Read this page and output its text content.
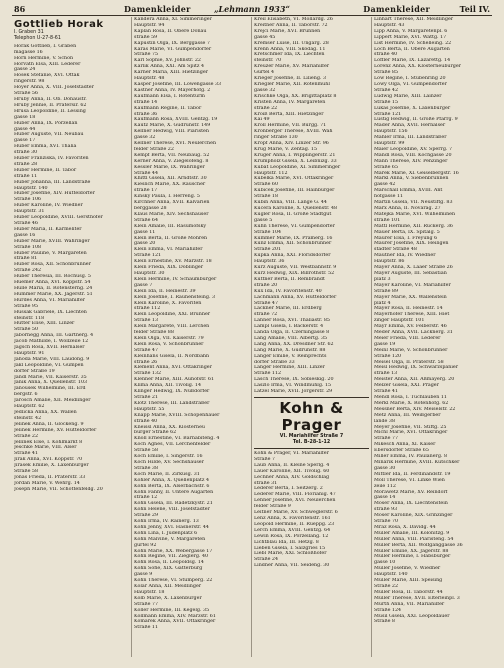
86	Damenkleider	„Lehmann 1933“	Damenkleider	Teil IV.
Gottlieb Horak
I. Graben 31
Telephon U-27-8-61
Horak Gottlieb, I. Graben
magasse 16
Horn Hermine, V. Schön
Horvath Elsa, XIII. Lederer
gasse 24
Hosek Stefanie, XVI. Ottak
ringerstr. 98
Hoyer Anna, X. VIII. Josefstädter
Straße 56
Hruby Anna, II. Ob. Donaustr.
Hruby Jennie, II. Pratersir. 62
Hrusa Leopoldine, II. Lessing
gasse 18
Huber Anna, IX. Porzellan
gasse 44
Huber Auguste, VII. Neubau
gasse 17
Huber Emma, XVI. Thalia
straße 30
Huber Franziska, IV. Favoriten
straße 28
Huber Hermine, II. Tabor
straße 11
Huber Johanna, III. Landstraße
Hauptstr. 140
Huber Josefine, XIV. Hütteldorfer
Straße 106
Huber Karoline, IV. Wiedner
Hauptstr. 31
Huber Leopoldine, XVIII. Gersthofer
Straße 46
Huber Maria, II. Karmeliter
gasse 16
Huber Marie, XVIII. Währinger
Straße 108
Huber Pauline, V. Margareten
straße 81
Huber Rosa, XII. Schönbrunner
Straße 242
Huber Theresia, III. Rochusg. 5
Huemer Anna, XVI. Koppstr. 54
Hülle Maria, II. Rotensterng. 24
Hummer Marie, XX. Jägerstr. 51
Hurdes Anna, VI. Mariahilfer
Straße 95
Hussak Gabriele, IX. Liechten
steinstr. 118
Hutter Elise, XIII. Linzer
Straße 50
Jabornegg Anna, III. Gärtnerg. 4
Jacob Mathilde, I. Wollzeile 12
Jagsch Rosa, XVII. Hernalser
Hauptstr. 91
Jahoda Marie, VIII. Laudong. 9
Jakl Leopoldine, VI. Gumpen
dorfer Straße 19
Jandl Marie, VII. Kaiserstr. 35
Janik Anna, X. Quellenstr. 103
Janousek Wilhelmine, III. Erd
bergstr. 6
Jarosch Amalie, XII. Meidlinger
Hauptstr. 62
Jedlicka Anna, XX. Wallen
steinstr. 42
Jelinek Anna, II. Glockeng. 9
Jelinek Hermine, XV. Hütteldorfer
Straße 22
Jellinek Else, I. Kohlmarkt 8
Jeschke Marie, VIII. Alser
Straße 41
Jirak Anna, XVI. Koppstr. 70
Jirasek Emilie, X. Laxenburger
Straße 58
Jonas Frieda, II. Praterstr. 33
Jordan Marie, V. Wehrg. 14
Joseph Marie, VII. Schottenfeldg. 20
Kandera Anna, XI. Simmeringer
Hauptstr. 94
Kaplan Rosa, II. Obere Donau
straße 59
Kapustin Olga, IX. Berggasse 7
Karas Marie, VI. Gumpendorfer
Straße 75
Karl Sophie, XV. Johnstr. 22
Karlik Anna, XXI. Am Spitz 4
Karner Maria, XIII. Hietzinger
Hauptstr. 48
Kasper Josefine, III. Löwengasse 33
Kastner Anna, IV. Mayerhofg. 2
Kaufmann Elsa, I. Rotenturm
straße 14
Kaufmann Regine, II. Tabor
straße 36
Kaufmann Rosa, XVIII. Gentzg. 19
Kautz Marie, X. Gudrunstr. 149
Kellner Hedwig, VIII. Piaristen
gasse 32
Kellner Therese, XVI. Neulerchen
felder Straße 22
Kempf Berta, VII. Neubaug. 52
Kerner Anna, V. Ziegelofeng. 8
Kessler Marie, IX. Währinger
Straße 44
Khittl Gisela, XII. Arndtstr. 30
Kieslich Marie, XX. Rauscher
straße 17
Kinsky Paula, I. Herreng. 5
Kirchner Anna, XVII. Kalvarien
berggasse 28
Klaus Marie, XIV. Sechshauser
Straße 64
Klein Amalie, III. Rasumofsky
gasse 11
Klein Berta, II. Große Mohren
gasse 20
Klein Emma, VI. Mariahilfer
Straße 121
Klein Ernestine, XV. Märzstr. 18
Klein Frieda, XIX. Döblinger
Hauptstr. 30
Klein Hermine, IV. Schaumburger
gasse 7
Klein Ida, II. Heinestr. 39
Klein Josefine, I. Rauhensteing. 3
Klein Karoline, X. Favoriten
straße 112
Klein Leopoldine, XXI. Brünner
Straße 13
Klein Margarete, VIII. Lerchen
felder Straße 88
Klein Olga, VII. Kaiserstr. 79
Klein Rosa, V. Schönbrunner
Straße 47
Kleinhans Gisela, II. Nordbahn
straße 26
Klement Anna, XVI. Ottakringer
Straße 132
Klenner Marie, XIII. Auhofstr. 61
Klima Anna, XII. Tivolig. 14
Klinger Hedwig, IX. Nußdorfer
Straße 21
Klotz Therese, III. Landstraßer
Hauptstr. 55
Knapp Marie, XVIII. Schopenhauer
straße 40
Kneissl Anna, XX. Klosterneu
burger Straße 62
Knoll Ernestine, VI. Barnabiteng. 4
Koch Agnes, VII. Lerchenfelder
Straße 58
Koch Emilie, I. Singerstr. 16
Koch Hilde, XV. Sechshauser
Straße 38
Koch Marie, II. Zirkusg. 31
Köhler Anna, X. Quellenplatz 4
Kohn Berta, IX. Alserbachstr. 6
Kohn Fanny, II. Untere Augarten
straße 12
Kohn Gisela, III. Radetzkystr. 21
Kohn Helene, VIII. Josefstädter
Straße 29
Kohn Irma, IV. Rainerg. 13
Kohn Jenny, XVI. Hasnerstr. 44
Kohn Lina, I. Judenplatz 6
Kohn Malvine, V. Margareten
gürtel 92
Kohn Marie, XX. Webergasse 17
Kohn Regine, VII. Zieglerg. 40
Kohn Rosa, II. Leopoldsg. 14
Kohn Sofie, XIX. Gatterburg
gasse 9
Kohn Therese, VI. Stumperg. 22
Kolar Anna, XII. Meidlinger
Hauptstr. 18
Kolb Marie, X. Laxenburger
Straße 77
Koller Hermine, III. Kegelg. 35
Kollmann Emma, XIV. Märzstr. 61
Komarek Anna, XVII. Ottakringer
Straße 11
Kreil Elisabeth, VI. Mollardg. 26
Kreitner Anna, II. Taborstr. 72
Krejci Marie, XVI. Brunnen
gasse 45
Kremser Luise, III. Ungarg. 28
Krenn Anna, VIII. Skodag. 11
Kretschmer Ida, IX. Liechten
steinstr. 70
Kreuzer Marie, XV. Mariahilfer
Gürtel 4
Krieger Josefine, II. Lilieng. 3
Kriegler Marie, XII. Rotenmühl
gasse 32
Krischke Olga, XX. Brigittaplatz 8
Kristen Anna, IV. Margareten
straße 22
Kroiß Berta, XIII. Hietzinger
Kai 49
Kroll Hermine, VII. Burgg. 71
Kronberger Therese, XVIII. Wäh
ringer Straße 130
Kropf Anna, XIV. Linzer Str. 96
Krug Marie, V. Zentag. 15
Kruger Anna, I. Wipplingerstr. 21
Krumpholz Gisela, X. Leibnizg. 33
Kubat Leopoldine, XI. Simmeringer
Hauptstr. 112
Kubelka Marie, XVI. Ottakringer
Straße 60
Kubicek Josefine, III. Hainburger
Straße 18
Kubin Anna, VIII. Lange G. 44
Kučera Karoline, X. Quellenstr. 48
Kugler Rosa, II. Große Stadtgut
gasse 5
Kuhn Therese, VI. Gumpendorfer
Straße 104
Kummer Marie, IX. Pramerg. 16
Kunz Emma, XII. Schönbrunner
Straße 201
Kupka Anna, XXI. Floridsdorfer
Hauptstr. 36
Kurz Auguste, VII. Westbahnstr. 9
Kurz Hedwig, XIX. Billrothstr. 52
Kuttner Berta, II. Rembrandt
straße 20
Kux Ida, IV. Favoritenstr. 40
Lachmann Anna, XV. Hütteldorfer
Straße 47
Lackner Marie, III. Erdberg
straße 72
Lahner Rosa, XVI. Thaliastr. 85
Lampl Gisela, I. Bäckerstr. 4
Landa Olga, II. Czerningasse 8
Lang Amalie, VIII. Albertg. 35
Lang Anna, XX. Dresdner Str. 62
Lang Marie, X. Gudrunstr. 88
Langer Emilie, V. Reinprechts
dorfer Straße 33
Langer Hermine, XIII. Linzer
Straße 112
Lasch Therese, IX. Sobieskig. 20
Laszlo Irma, VI. Windmühlg. 15
Latzel Marie, XVII. Jörgerstr. 29
Kohn & Prager
VI. Mariahilfer Straße 7
Tel. B-28-1-12
Kohn & Prager, VI. Mariahilfer
Straße 7
Laub Anna, II. Kleine Sperlg. 4
Lauer Karoline, XII. Tivolig. 60
Lechner Anna, XIV. Goldschlag
straße 31
Lederer Berta, I. Seitzerg. 2
Lederer Marie, VIII. Florianig. 47
Lehner Josefine, XVI. Neulerchen
felder Straße 9
Leitner Marie, XV. Schweglerstr. 6
Lenz Anna, X. Favoritenstr. 161
Leopold Hermine, II. Rueppg. 23
Lerch Emma, XVIII. Gentzg. 64
Lewin Rosa, IX. Porzellang. 12
Lichtblau Ida, III. Hetzg. 8
Lieben Gisela, I. Salzgries 15
Liebl Marie, XXI. Schloßhofer
Straße 24
Lindner Anna, VII. Seideng. 30
Linhart Therese, XII. Meidlinger
Hauptstr. 43
Lipp Anna, V. Margaretenpl. 6
Lippert Marie, XVI. Wattg. 17
List Hermine, IV. Schelleing. 22
Loch Berta, II. Obere Augarten
straße 40
Löffler Marie, IX. Lazarettg. 14
Lorenz Anna, XX. Klosterneuburger
Straße 85
Löw Regine, I. Stubenring 20
Löwy Olga, VI. Gumpendorfer
Straße 42
Ludwig Marie, XIII. Lainzer
Straße 15
Lukas Josefine, X. Laxenburger
Straße 121
Lustig Hedwig, II. Große Pfarrg. 9
Mader Anna, XVII. Hernalser
Hauptstr. 156
Mahler Irma, III. Landstraßer
Hauptstr. 99
Maier Leopoldine, XV. Sperrg. 7
Mandl Rosa, VIII. Kochgasse 20
Mann Therese, XIV. Penzinger
Straße 65
Marek Marie, XI. Geiselbergstr. 16
Markl Anna, V. Siebenbrunnen
gasse 42
Marschall Emma, XVIII. Ant
hofgasse 11
Martin Gisela, VII. Neustiftg. 83
Marx Anna, II. Novarag. 27
Matejka Marie, XVI. Wilhelminen
straße 101
Mattl Hermine, XII. Ruckerg. 36
Mauer Berta, IX. Spitalg. 5
Maurer Elsa, I. Freyung 6
Maurer Josefine, XIX. Heiligen
städter Straße 48
Mautner Ida, IV. Wiedner
Hauptstr. 86
Mayer Anna, X. Laaer Straße 26
Mayer Auguste, III. Sebastian
platz 3
Mayer Karoline, VI. Mariahilfer
Straße 89
Mayer Marie, XX. Wallenstein
platz 4
Mayer Rosa, II. Heinestr. 14
Mayerhofer Therese, XIII. Hiet
zinger Hauptstr. 101
Mayr Emma, XV. Felberstr. 46
Meder Anna, XVII. Lacknerg. 31
Meier Frieda, VIII. Lederer
gasse 19
Meinl Marie, V. Schönbrunner
Straße 120
Meisel Olga, II. Praterstr. 58
Meisl Hedwig, IX. Schwarzspanier
straße 13
Meister Anna, XII. Aßmayerg. 20
Melzer Gisela, XXI. Prager
Straße 41
Mendl Rosa, I. Tuchlauben 11
Merkl Marie, X. Rotenhofg. 62
Messner Berta, XIV. Meiselstr. 22
Metz Anna, III. Weißgerber
lände 38
Meyer Josefine, VII. Stiftg. 25
Michl Marie, XVI. Ottakringer
Straße 77
Mikesch Anna, XI. Kaiser
Ebersdorfer Straße 65
Miller Emma, IV. Paulanerg. 8
Minarik Hermine, XVIII. Kutschker
gasse 30
Mittler Ida, II. Ferdinandstr. 19
Moll Therese, VI. Linke Wien
zeile 112
Morawetz Marie, XV. Reindorf
gasse 14
Moser Anna, IX. Liechtenstein
straße 93
Moser Karoline, XIX. Grinzinger
Straße 70
Mraz Rosa, X. Davidg. 44
Müller Amalie, III. Kolonitzg. 9
Müller Anna, VIII. Piaristeng. 54
Müller Berta, XII. Wolfganggasse 36
Müller Emilie, XX. Jägerstr. 88
Müller Hermine, I. Habsburger
gasse 10
Müller Josefine, V. Wiedner
Hauptstr. 140
Müller Marie, XIII. Speising
Straße 22
Müller Rosa, II. Taborstr. 44
Müller Therese, XVII. Elterleinpl. 3
Murth Anna, VII. Mariahilfer
Straße 124
Musil Gisela, XXI. Leopoldauer
Straße 8
